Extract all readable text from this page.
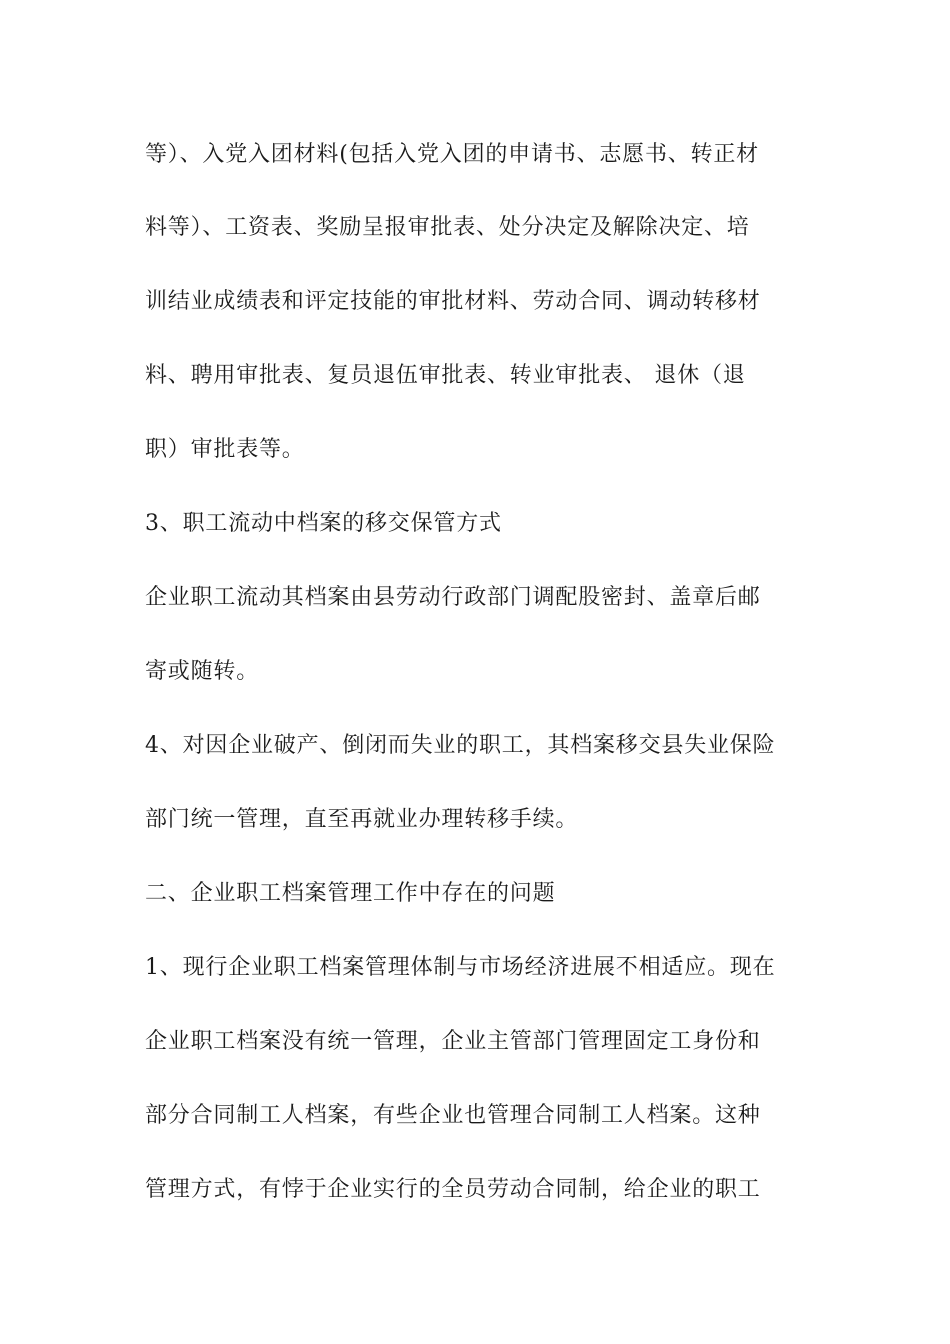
等）、入党入团材料(包括入党入团的申请书、志愿书、转正材
料等）、工资表、奖励呈报审批表、处分决定及解除决定、培
训结业成绩表和评定技能的审批材料、劳动合同、调动转移材
料、聘用审批表、复员退伍审批表、转业审批表、 退休（退
职）审批表等。
3、职工流动中档案的移交保管方式
企业职工流动其档案由县劳动行政部门调配股密封、盖章后邮
寄或随转。
4、对因企业破产、倒闭而失业的职工，其档案移交县失业保险
部门统一管理，直至再就业办理转移手续。
二、企业职工档案管理工作中存在的问题
1、现行企业职工档案管理体制与市场经济进展不相适应。现在
企业职工档案没有统一管理，企业主管部门管理固定工身份和
部分合同制工人档案，有些企业也管理合同制工人档案。这种
管理方式，有悖于企业实行的全员劳动合同制，给企业的职工
